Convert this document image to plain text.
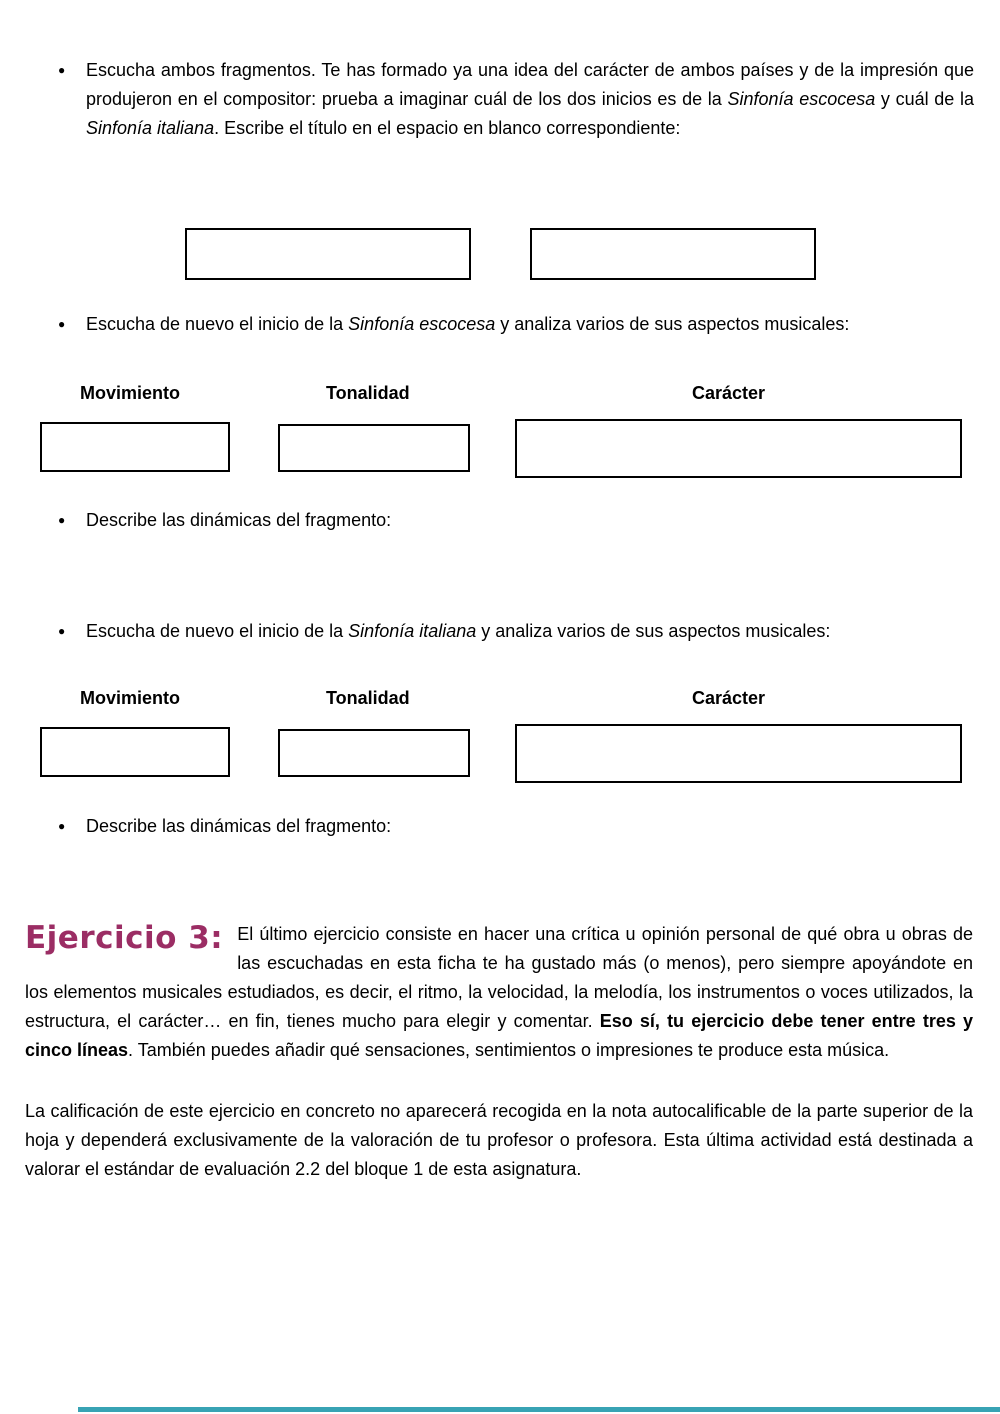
●	Escucha ambos fragmentos. Te has formado ya una idea del carácter de ambos países y de la impresión que produjeron en el compositor: prueba a imaginar cuál de los dos inicios es de la Sinfonía escocesa y cuál de la Sinfonía italiana. Escribe el título en el espacio en blanco correspondiente:
●	Escucha de nuevo el inicio de la Sinfonía escocesa y analiza varios de sus aspectos musicales:
Movimiento	Tonalidad	Carácter
●	Describe las dinámicas del fragmento:
●	Escucha de nuevo el inicio de la Sinfonía italiana y analiza varios de sus aspectos musicales:
Movimiento	Tonalidad	Carácter
●	Describe las dinámicas del fragmento:
Ejercicio 3: El último ejercicio consiste en hacer una crítica u opinión personal de qué obra u obras de las escuchadas en esta ficha te ha gustado más (o menos), pero siempre apoyándote en los elementos musicales estudiados, es decir, el ritmo, la velocidad, la melodía, los instrumentos o voces utilizados, la estructura, el carácter… en fin, tienes mucho para elegir y comentar. Eso sí, tu ejercicio debe tener entre tres y cinco líneas. También puedes añadir qué sensaciones, sentimientos o impresiones te produce esta música.
La calificación de este ejercicio en concreto no aparecerá recogida en la nota autocalificable de la parte superior de la hoja y dependerá exclusivamente de la valoración de tu profesor o profesora. Esta última actividad está destinada a valorar el estándar de evaluación 2.2 del bloque 1 de esta asignatura.
